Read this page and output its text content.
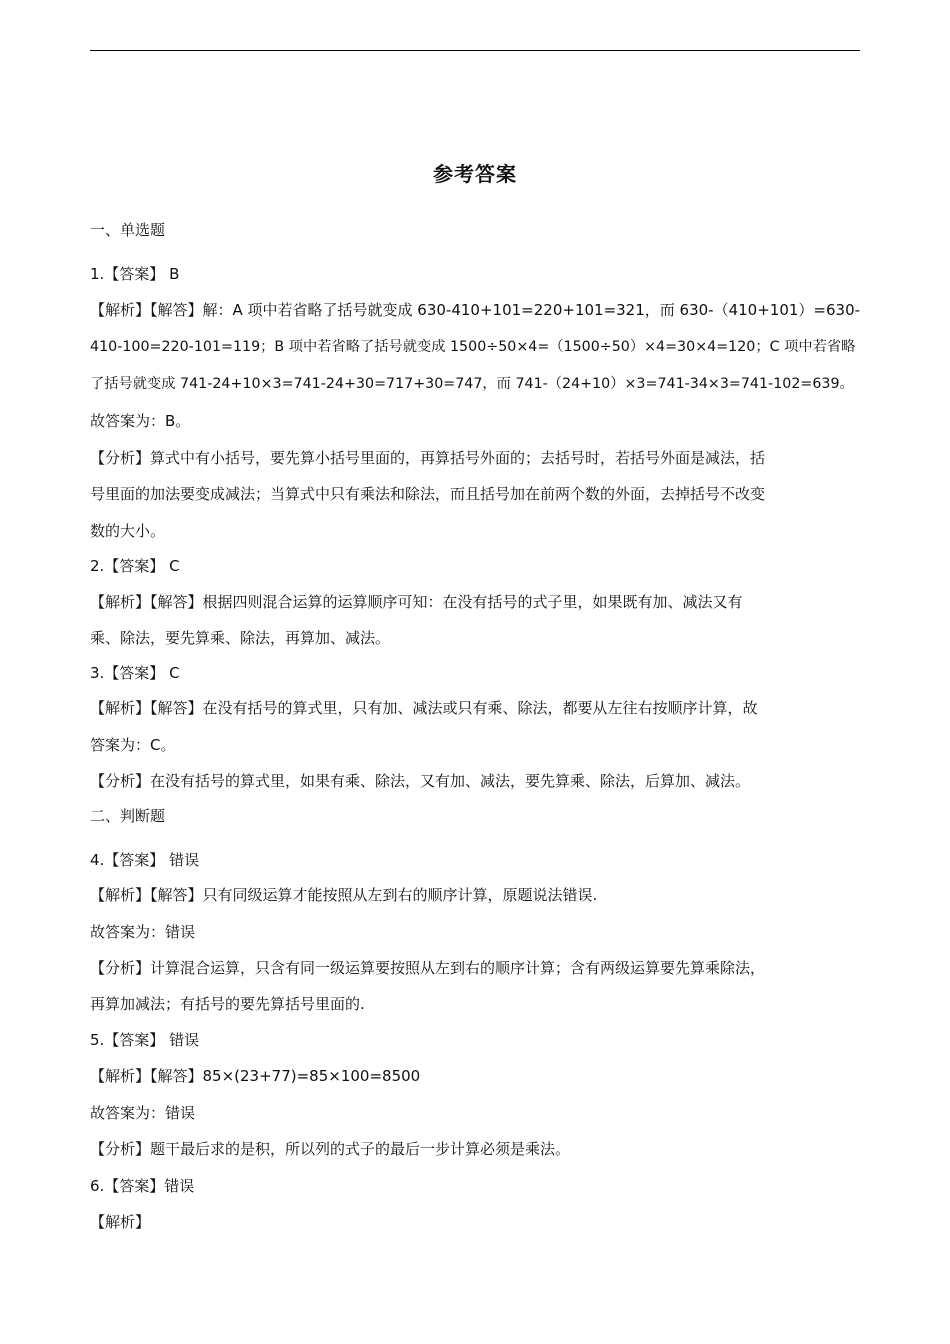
参考答案
一、单选题
1.【答案】 B
【解析】【解答】解：A 项中若省略了括号就变成 630-410+101=220+101=321，而 630-（410+101）=630-
410-100=220-101=119；B 项中若省略了括号就变成 1500÷50×4=（1500÷50）×4=30×4=120；C 项中若省略
了括号就变成 741-24+10×3=741-24+30=717+30=747，而 741-（24+10）×3=741-34×3=741-102=639。
故答案为：B。
【分析】算式中有小括号，要先算小括号里面的，再算括号外面的；去括号时，若括号外面是减法，括
号里面的加法要变成减法；当算式中只有乘法和除法，而且括号加在前两个数的外面，去掉括号不改变
数的大小。
2.【答案】 C
【解析】【解答】根据四则混合运算的运算顺序可知：在没有括号的式子里，如果既有加、减法又有
乘、除法，要先算乘、除法，再算加、减法。
3.【答案】 C
【解析】【解答】在没有括号的算式里，只有加、减法或只有乘、除法，都要从左往右按顺序计算，故
答案为：C。
【分析】在没有括号的算式里，如果有乘、除法，又有加、减法，要先算乘、除法，后算加、减法。
二、判断题
4.【答案】 错误
【解析】【解答】只有同级运算才能按照从左到右的顺序计算，原题说法错误.
故答案为：错误
【分析】计算混合运算，只含有同一级运算要按照从左到右的顺序计算；含有两级运算要先算乘除法，
再算加减法；有括号的要先算括号里面的.
5.【答案】 错误
【解析】【解答】85×(23+77)=85×100=8500
故答案为：错误
【分析】题干最后求的是积，所以列的式子的最后一步计算必须是乘法。
6.【答案】错误
【解析】
